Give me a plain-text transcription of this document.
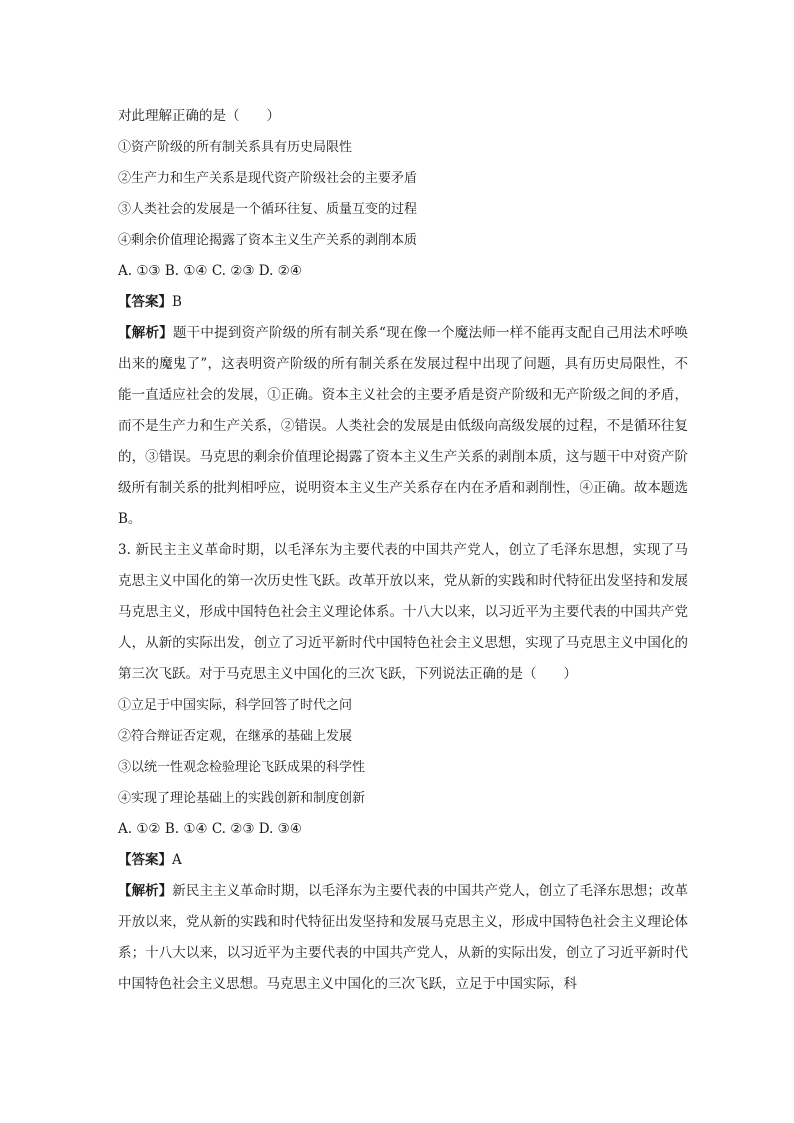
对此理解正确的是（　　）
①资产阶级的所有制关系具有历史局限性
②生产力和生产关系是现代资产阶级社会的主要矛盾
③人类社会的发展是一个循环往复、质量互变的过程
④剩余价值理论揭露了资本主义生产关系的剥削本质
A. ①③ B. ①④ C. ②③ D. ②④
【答案】B
【解析】题干中提到资产阶级的所有制关系“现在像一个魔法师一样不能再支配自己用法术呼唤出来的魔鬼了”，这表明资产阶级的所有制关系在发展过程中出现了问题，具有历史局限性，不能一直适应社会的发展，①正确。资本主义社会的主要矛盾是资产阶级和无产阶级之间的矛盾，而不是生产力和生产关系，②错误。人类社会的发展是由低级向高级发展的过程，不是循环往复的，③错误。马克思的剩余价值理论揭露了资本主义生产关系的剥削本质，这与题干中对资产阶级所有制关系的批判相呼应，说明资本主义生产关系存在内在矛盾和剥削性，④正确。故本题选 B。
3. 新民主主义革命时期，以毛泽东为主要代表的中国共产党人，创立了毛泽东思想，实现了马克思主义中国化的第一次历史性飞跃。改革开放以来，党从新的实践和时代特征出发坚持和发展马克思主义，形成中国特色社会主义理论体系。十八大以来，以习近平为主要代表的中国共产党人，从新的实际出发，创立了习近平新时代中国特色社会主义思想，实现了马克思主义中国化的第三次飞跃。对于马克思主义中国化的三次飞跃，下列说法正确的是（　　）
①立足于中国实际，科学回答了时代之问
②符合辩证否定观，在继承的基础上发展
③以统一性观念检验理论飞跃成果的科学性
④实现了理论基础上的实践创新和制度创新
A. ①② B. ①④ C. ②③ D. ③④
【答案】A
【解析】新民主主义革命时期，以毛泽东为主要代表的中国共产党人，创立了毛泽东思想；改革开放以来，党从新的实践和时代特征出发坚持和发展马克思主义，形成中国特色社会主义理论体系；十八大以来，以习近平为主要代表的中国共产党人，从新的实际出发，创立了习近平新时代中国特色社会主义思想。马克思主义中国化的三次飞跃，立足于中国实际，科
